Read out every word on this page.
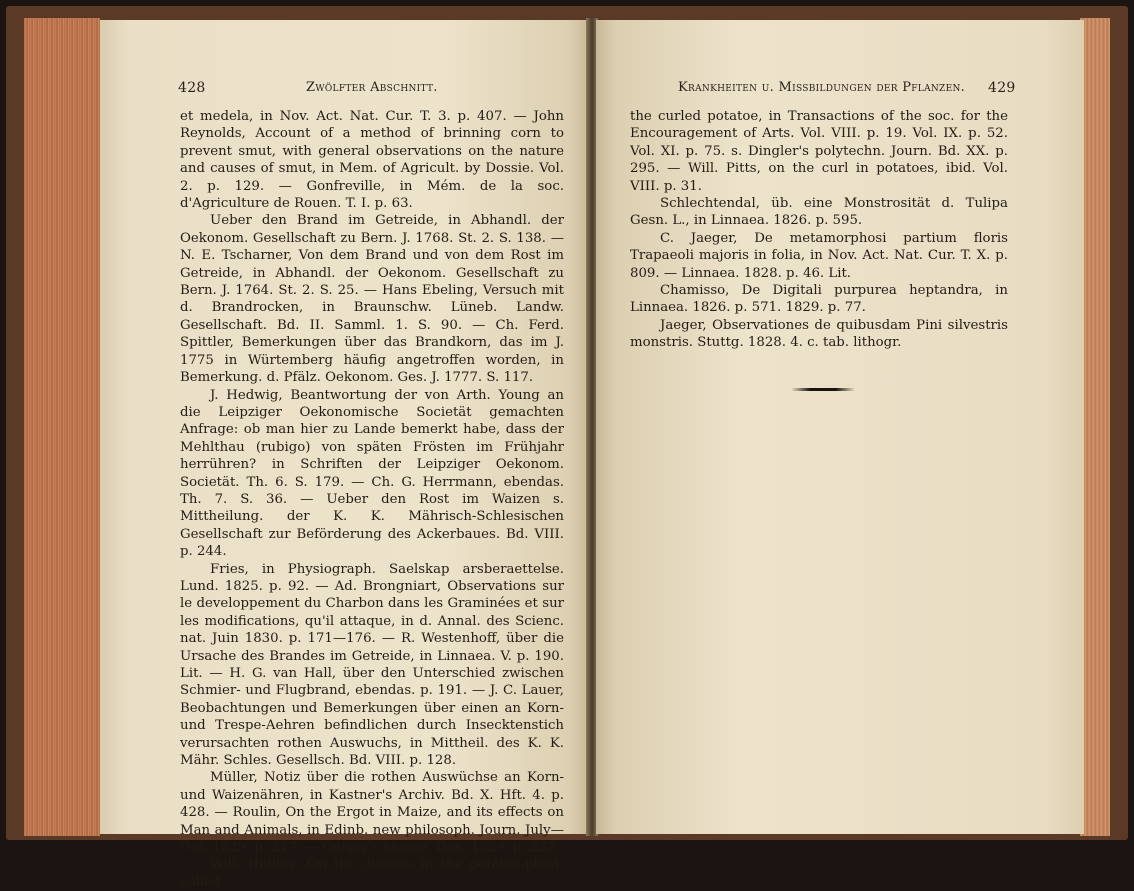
428	Zwölfter Abschnitt.

et medela, in Nov. Act. Nat. Cur. T. 3. p. 407. — John Reynolds, Account of a method of brinning corn to prevent smut, with general observations on the nature and causes of smut, in Mem. of Agricult. by Dossie. Vol. 2. p. 129. — Gonfreville, in Mém. de la soc. d'Agriculture de Rouen. T. I. p. 63.

Ueber den Brand im Getreide, in Abhandl. der Oekonom. Gesellschaft zu Bern. J. 1768. St. 2. S. 138. — N. E. Tscharner, Von dem Brand und von dem Rost im Getreide, in Abhandl. der Oekonom. Gesellschaft zu Bern. J. 1764. St. 2. S. 25. — Hans Ebeling, Versuch mit d. Brandrocken, in Braunschw. Lüneb. Landw. Gesellschaft. Bd. II. Samml. 1. S. 90. — Ch. Ferd. Spittler, Bemerkungen über das Brandkorn, das im J. 1775 in Würtemberg häufig angetroffen worden, in Bemerkung. d. Pfälz. Oekonom. Ges. J. 1777. S. 117.

J. Hedwig, Beantwortung der von Arth. Young an die Leipziger Oekonomische Societät gemachten Anfrage: ob man hier zu Lande bemerkt habe, dass der Mehlthau (rubigo) von späten Frösten im Frühjahr herrühren? in Schriften der Leipziger Oekonom. Societät. Th. 6. S. 179. — Ch. G. Herrmann, ebendas. Th. 7. S. 36. — Ueber den Rost im Waizen s. Mittheilung. der K. K. Mährisch-Schlesischen Gesellschaft zur Beförderung des Ackerbaues. Bd. VIII. p. 244.

Fries, in Physiograph. Saelskap arsberaettelse. Lund. 1825. p. 92. — Ad. Brongniart, Observations sur le developpement du Charbon dans les Graminées et sur les modifications, qu'il attaque, in d. Annal. des Scienc. nat. Juin 1830. p. 171—176. — R. Westenhoff, über die Ursache des Brandes im Getreide, in Linnaea. V. p. 190. Lit. — H. G. van Hall, über den Unterschied zwischen Schmier- und Flugbrand, ebendas. p. 191. — J. C. Lauer, Beobachtungen und Bemerkungen über einen an Korn- und Trespe-Aehren befindlichen durch Insecktenstich verursachten rothen Auswuchs, in Mittheil. des K. K. Mähr. Schles. Gesellsch. Bd. VIII. p. 128.

Müller, Notiz über die rothen Auswüchse an Korn- und Waizenähren, in Kastner's Archiv. Bd. X. Hft. 4. p. 428. — Roulin, On the Ergot in Maize, and its effects on Man and Animals, in Edinb. new philosoph. Journ. July—Oct. 1829. p. 217. — Geiger's Magaz. Dec. 1829. p. 232.

Will. Hollins, On the disease in the potatoe-plant, colled

Krankheiten u. Missbildungen der Pflanzen. 429

the curled potatoe, in Transactions of the soc. for the Encouragement of Arts. Vol. VIII. p. 19. Vol. IX. p. 52. Vol. XI. p. 75. s. Dingler's polytechn. Journ. Bd. XX. p. 295. — Will. Pitts, on the curl in potatoes, ibid. Vol. VIII. p. 31.

Schlechtendal, üb. eine Monstrosität d. Tulipa Gesn. L., in Linnaea. 1826. p. 595.

C. Jaeger, De metamorphosi partium floris Trapaeoli majoris in folia, in Nov. Act. Nat. Cur. T. X. p. 809. — Linnaea. 1828. p. 46. Lit.

Chamisso, De Digitali purpurea heptandra, in Linnaea. 1826. p. 571. 1829. p. 77.

Jaeger, Observationes de quibusdam Pini silvestris monstris. Stuttg. 1828. 4. c. tab. lithogr.
